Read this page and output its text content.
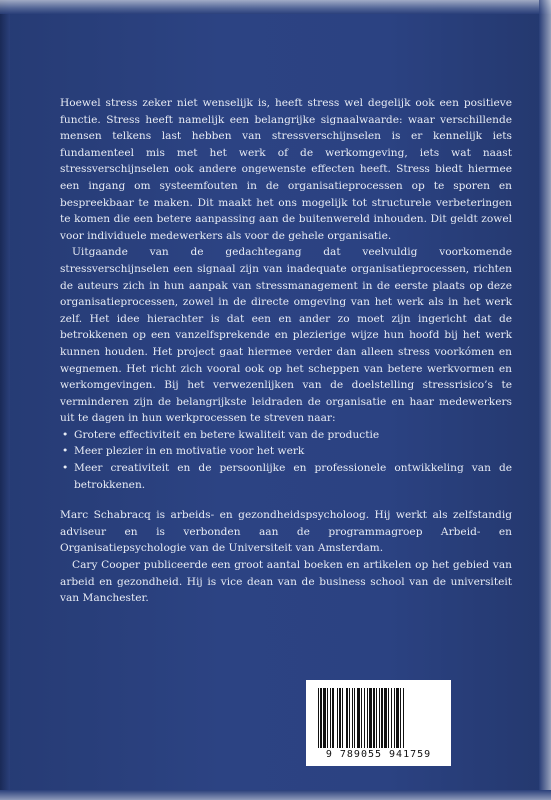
Hoewel stress zeker niet wenselijk is, heeft stress wel degelijk ook een positieve functie. Stress heeft namelijk een belangrijke signaalwaarde: waar verschillende mensen telkens last hebben van stressverschijnselen is er kennelijk iets fundamenteel mis met het werk of de werkomgeving, iets wat naast stressverschijnselen ook andere ongewenste effecten heeft. Stress biedt hiermee een ingang om systeemfouten in de organisatieprocessen op te sporen en bespreekbaar te maken. Dit maakt het ons mogelijk tot structurele verbeteringen te komen die een betere aanpassing aan de buitenwereld inhouden. Dit geldt zowel voor individuele medewerkers als voor de gehele organisatie.

Uitgaande van de gedachtegang dat veelvuldig voorkomende stressverschijnselen een signaal zijn van inadequate organisatieprocessen, richten de auteurs zich in hun aanpak van stressmanagement in de eerste plaats op deze organisatieprocessen, zowel in de directe omgeving van het werk als in het werk zelf. Het idee hierachter is dat een en ander zo moet zijn ingericht dat de betrokkenen op een vanzelfsprekende en plezierige wijze hun hoofd bij het werk kunnen houden. Het project gaat hiermee verder dan alleen stress voorkómen en wegnemen. Het richt zich vooral ook op het scheppen van betere werkvormen en werkomgevingen. Bij het verwezenlijken van de doelstelling stressrisico’s te verminderen zijn de belangrijkste leidraden de organisatie en haar medewerkers uit te dagen in hun werkprocessen te streven naar:

• Grotere effectiviteit en betere kwaliteit van de productie
• Meer plezier in en motivatie voor het werk
• Meer creativiteit en de persoonlijke en professionele ontwikkeling van de betrokkenen.

Marc Schabracq is arbeids- en gezondheidspsycholoog. Hij werkt als zelfstandig adviseur en is verbonden aan de programmagroep Arbeid- en Organisatiepsychologie van de Universiteit van Amsterdam.

Cary Cooper publiceerde een groot aantal boeken en artikelen op het gebied van arbeid en gezondheid. Hij is vice dean van de business school van de universiteit van Manchester.

9 789055 941759
